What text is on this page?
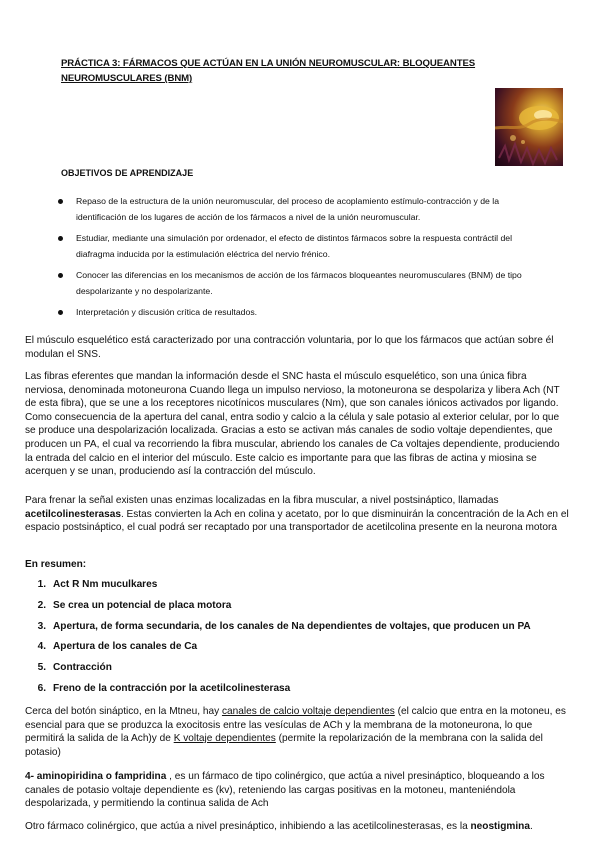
PRÁCTICA 3: FÁRMACOS QUE ACTÚAN EN LA UNIÓN NEUROMUSCULAR: BLOQUEANTES NEUROMUSCULARES (BNM)
OBJETIVOS DE APRENDIZAJE
Repaso de la estructura de la unión neuromuscular, del proceso de acoplamiento estímulo-contracción y de la identificación de los lugares de acción de los fármacos a nivel de la unión neuromuscular.
Estudiar, mediante una simulación por ordenador, el efecto de distintos fármacos sobre la respuesta contráctil del diafragma inducida por la estimulación eléctrica del nervio frénico.
Conocer las diferencias en los mecanismos de acción de los fármacos bloqueantes neuromusculares (BNM) de tipo despolarizante y no despolarizante.
Interpretación y discusión crítica de resultados.

El músculo esquelético está caracterizado por una contracción voluntaria, por lo que los fármacos que actúan sobre él modulan el SNS.

Las fibras eferentes que mandan la información desde el SNC hasta el músculo esquelético, son una única fibra nerviosa, denominada motoneurona Cuando llega un impulso nervioso, la motoneurona se despolariza y libera Ach (NT de esta fibra), que se une a los receptores nicotínicos musculares (Nm), que son canales iónicos activados por ligando. Como consecuencia de la apertura del canal, entra sodio y calcio a la célula y sale potasio al exterior celular, por lo que se produce una despolarización localizada. Gracias a esto se activan más canales de sodio voltaje dependientes, que producen un PA, el cual va recorriendo la fibra muscular, abriendo los canales de Ca voltajes dependiente, produciendo la entrada del calcio en el interior del músculo. Este calcio es importante para que las fibras de actina y miosina se acerquen y se unan, produciendo así la contracción del músculo.

Para frenar la señal existen unas enzimas localizadas en la fibra muscular, a nivel postsináptico, llamadas acetilcolinesterasas. Estas convierten la Ach en colina y acetato, por lo que disminuirán la concentración de la Ach en el espacio postsináptico, el cual podrá ser recaptado por una transportador de acetilcolina presente en la neurona motora

En resumen:

1. Act R Nm muculkares
2. Se crea un potencial de placa motora
3. Apertura, de forma secundaria, de los canales de Na dependientes de voltajes, que producen un PA
4. Apertura de los canales de Ca
5. Contracción
6. Freno de la contracción por la acetilcolinesterasa

Cerca del botón sináptico, en la Mtneu, hay canales de calcio voltaje dependientes (el calcio que entra en la motoneu, es esencial para que se produzca la exocitosis entre las vesículas de ACh y la membrana de la motoneurona, lo que permitirá la salida de la Ach)y de K voltaje dependientes (permite la repolarización de la membrana con la salida del potasio)

4- aminopiridina o fampridina , es un fármaco de tipo colinérgico, que actúa a nivel presináptico, bloqueando a los canales de potasio voltaje dependiente es (kv), reteniendo las cargas positivas en la motoneu, manteniéndola despolarizada, y permitiendo la continua salida de Ach

Otro fármaco colinérgico, que actúa a nivel presináptico, inhibiendo a las acetilcolinesterasas, es la neostigmina.
